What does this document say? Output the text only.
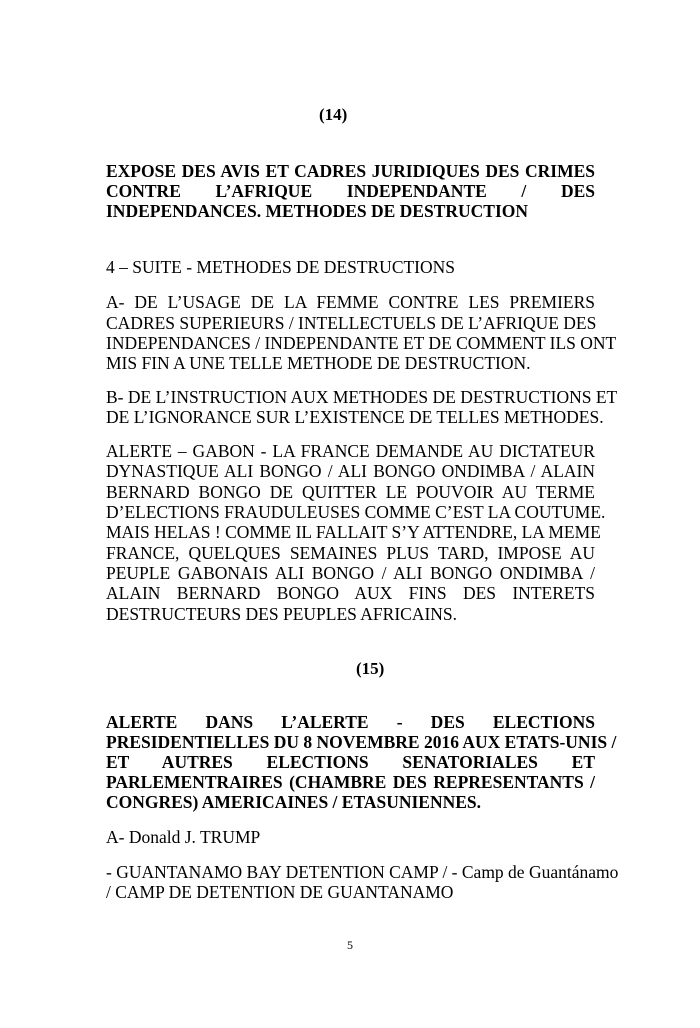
(14)
EXPOSE DES AVIS ET CADRES JURIDIQUES DES CRIMES
CONTRE L’AFRIQUE INDEPENDANTE / DES
INDEPENDANCES. METHODES DE DESTRUCTION
4 – SUITE - METHODES DE DESTRUCTIONS
A- DE L’USAGE DE LA FEMME CONTRE LES PREMIERS
CADRES SUPERIEURS / INTELLECTUELS DE L’AFRIQUE DES
INDEPENDANCES / INDEPENDANTE ET DE COMMENT ILS ONT
MIS FIN A UNE TELLE METHODE DE DESTRUCTION.
B- DE L’INSTRUCTION AUX METHODES DE DESTRUCTIONS ET
DE L’IGNORANCE SUR L’EXISTENCE DE TELLES METHODES.
ALERTE – GABON - LA FRANCE DEMANDE AU DICTATEUR
DYNASTIQUE ALI BONGO / ALI BONGO ONDIMBA / ALAIN
BERNARD BONGO DE QUITTER LE POUVOIR AU TERME
D’ELECTIONS FRAUDULEUSES COMME C’EST LA COUTUME.
MAIS HELAS ! COMME IL FALLAIT S’Y ATTENDRE, LA MEME
FRANCE, QUELQUES SEMAINES PLUS TARD, IMPOSE AU
PEUPLE GABONAIS ALI BONGO / ALI BONGO ONDIMBA /
ALAIN BERNARD BONGO AUX FINS DES INTERETS
DESTRUCTEURS DES PEUPLES AFRICAINS.
(15)
ALERTE DANS L’ALERTE - DES ELECTIONS
PRESIDENTIELLES DU 8 NOVEMBRE 2016 AUX ETATS-UNIS /
ET AUTRES ELECTIONS SENATORIALES ET
PARLEMENTRAIRES (CHAMBRE DES REPRESENTANTS /
CONGRES) AMERICAINES / ETASUNIENNES.
A- Donald J. TRUMP
- GUANTANAMO BAY DETENTION CAMP / - Camp de Guantánamo
/ CAMP DE DETENTION DE GUANTANAMO
5
